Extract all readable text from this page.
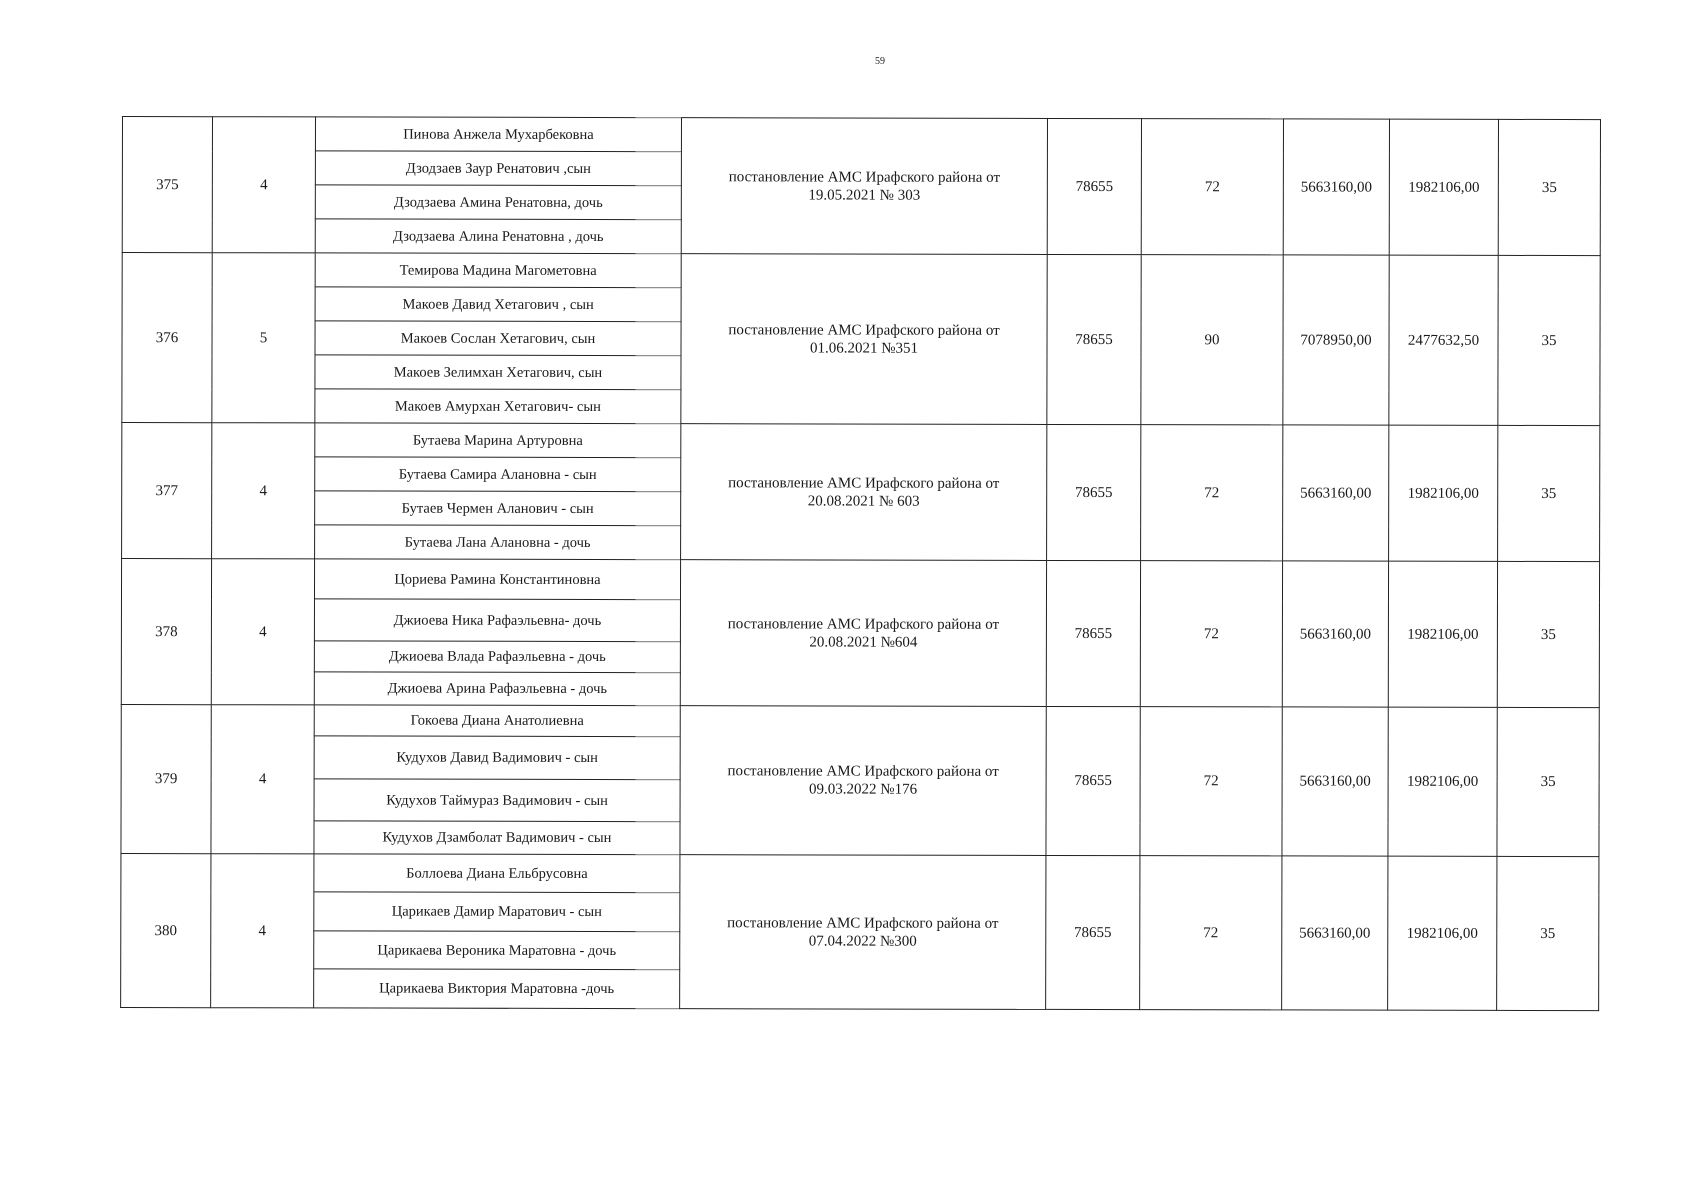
59
375	4	Пинова Анжела Мухарбековна	постановление АМС Ирафского района от 19.05.2021 № 303	78655	72	5663160,00	1982106,00	35
		Дзодзаев Заур Ренатович ,сын						
		Дзодзаева Амина Ренатовна, дочь						
		Дзодзаева Алина Ренатовна , дочь						
376	5	Темирова Мадина Магометовна	постановление АМС Ирафского района от 01.06.2021 №351	78655	90	7078950,00	2477632,50	35
		Макоев Давид Хетагович , сын						
		Макоев Сослан Хетагович, сын						
		Макоев Зелимхан Хетагович, сын						
		Макоев Амурхан Хетагович- сын						
377	4	Бутаева Марина Артуровна	постановление АМС Ирафского района от 20.08.2021 № 603	78655	72	5663160,00	1982106,00	35
		Бутаева Самира Алановна - сын						
		Бутаев Чермен Аланович - сын						
		Бутаева Лана Алановна - дочь						
378	4	Цориева Рамина Константиновна	постановление АМС Ирафского района от 20.08.2021 №604	78655	72	5663160,00	1982106,00	35
		Джиоева Ника Рафаэльевна- дочь						
		Джиоева Влада Рафаэльевна - дочь						
		Джиоева Арина Рафаэльевна - дочь						
379	4	Гокоева Диана Анатолиевна	постановление АМС Ирафского района от 09.03.2022 №176	78655	72	5663160,00	1982106,00	35
		Кудухов Давид Вадимович - сын						
		Кудухов Таймураз Вадимович - сын						
		Кудухов Дзамболат Вадимович - сын						
380	4	Боллоева Диана Ельбрусовна	постановление АМС Ирафского района от 07.04.2022 №300	78655	72	5663160,00	1982106,00	35
		Царикаев Дамир Маратович - сын						
		Царикаева Вероника Маратовна - дочь						
		Царикаева Виктория Маратовна -дочь						
